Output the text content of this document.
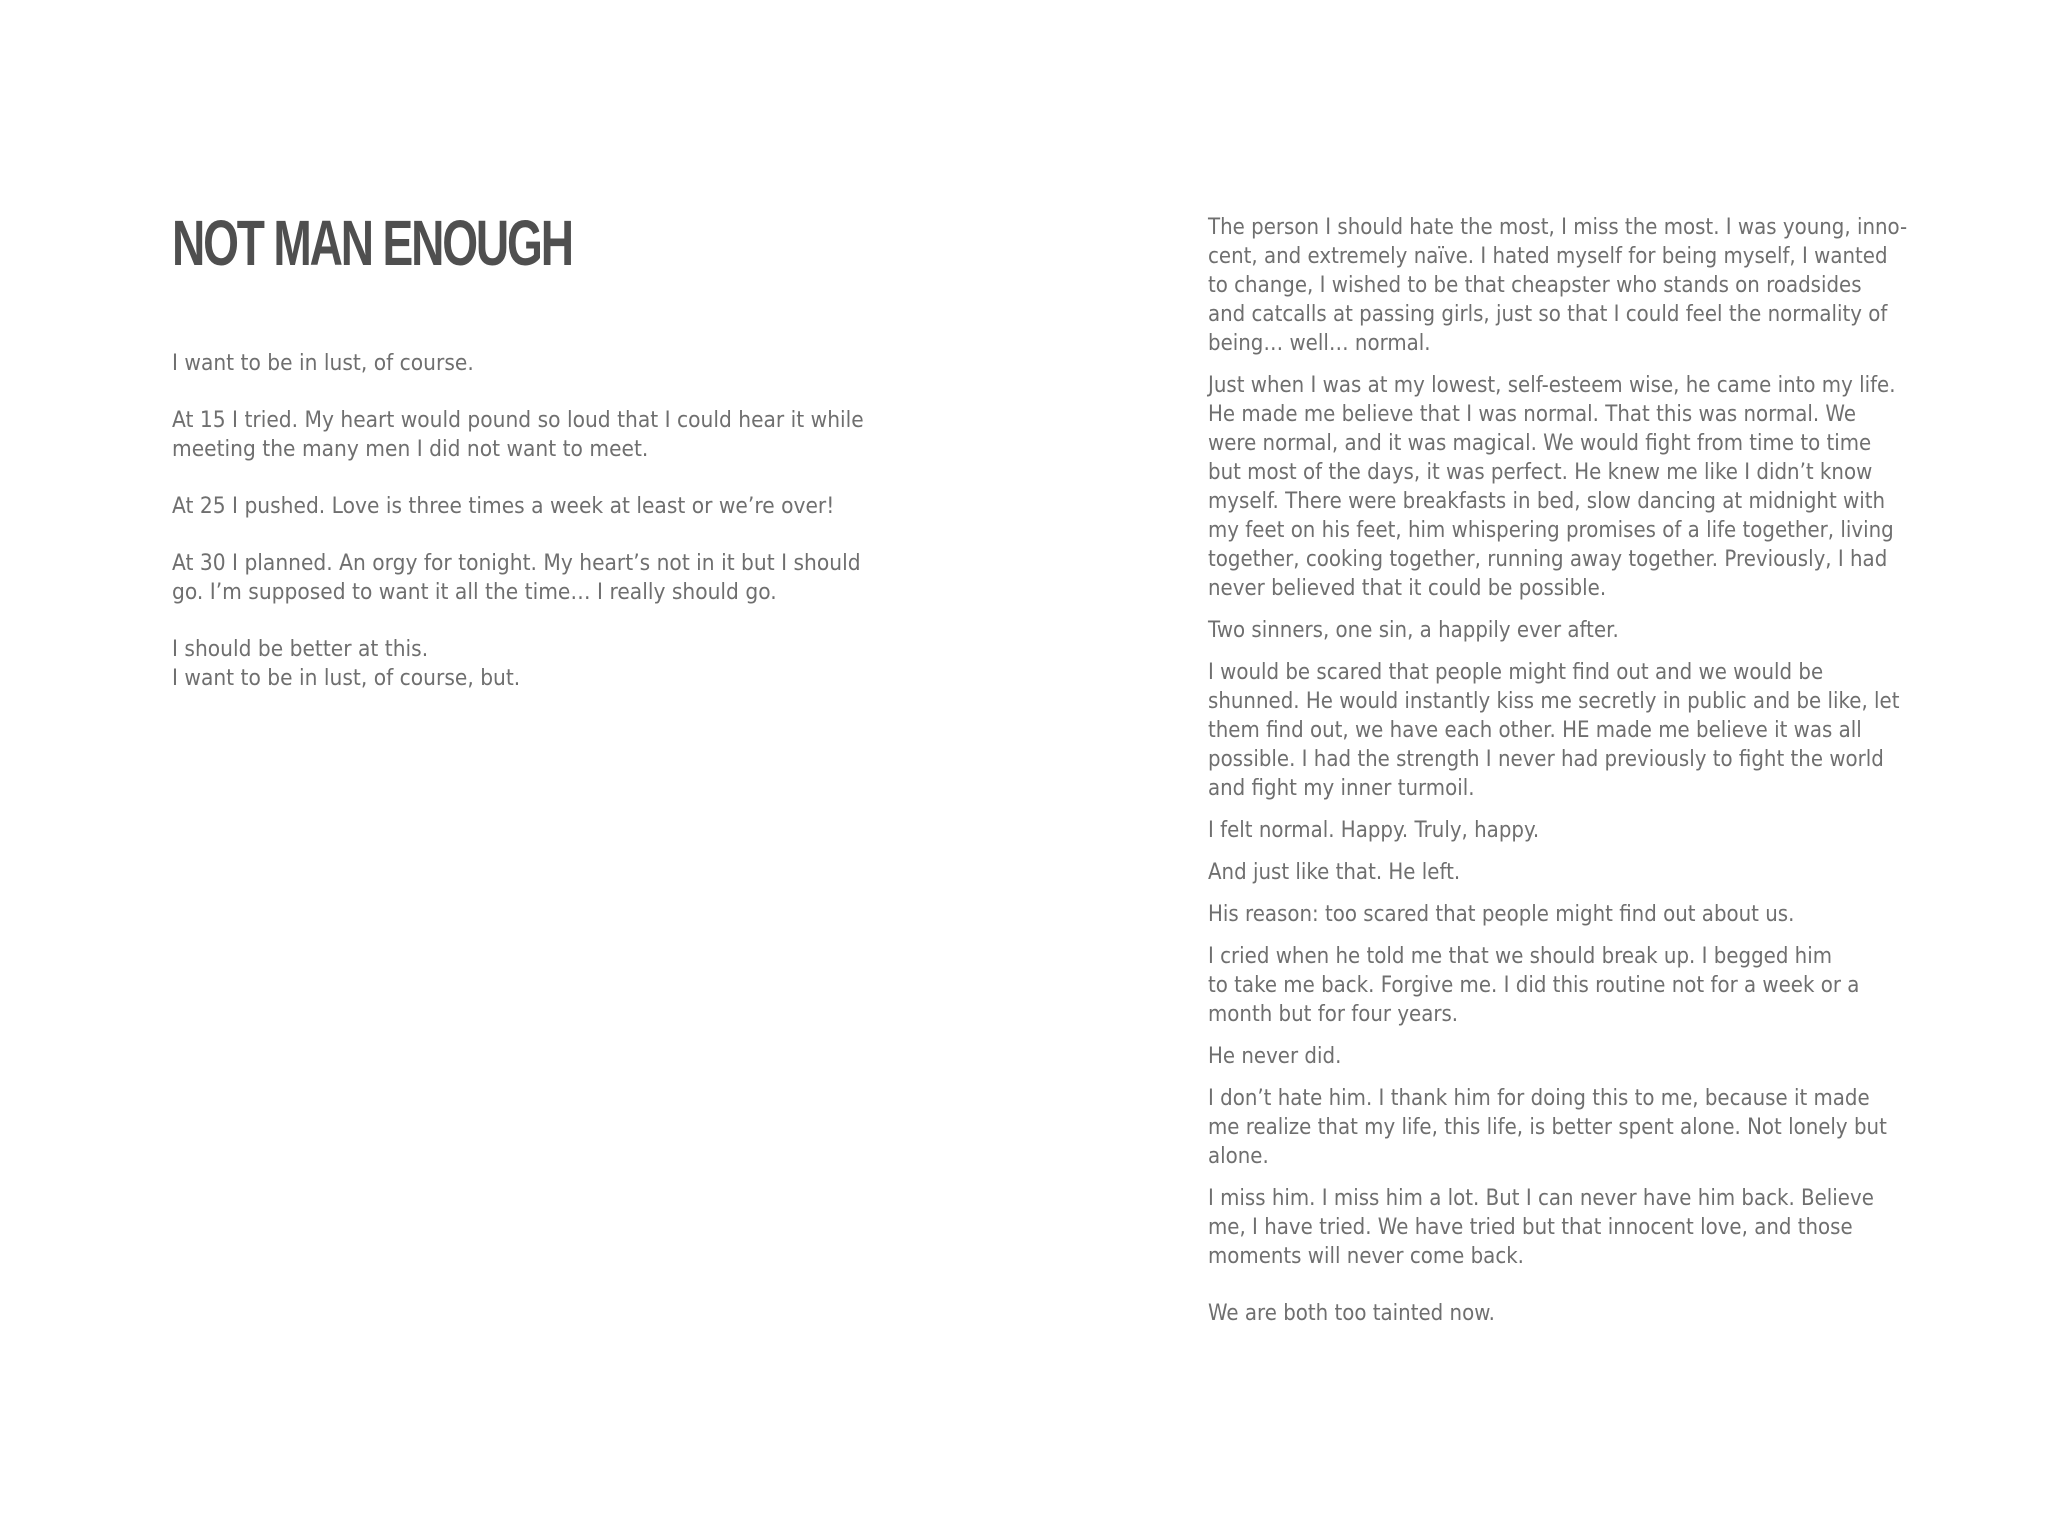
NOT MAN ENOUGH

I want to be in lust, of course.

At 15 I tried. My heart would pound so loud that I could hear it while
meeting the many men I did not want to meet.

At 25 I pushed. Love is three times a week at least or we’re over!

At 30 I planned. An orgy for tonight. My heart’s not in it but I should
go. I’m supposed to want it all the time… I really should go.

I should be better at this.
I want to be in lust, of course, but.

The person I should hate the most, I miss the most. I was young, inno-
cent, and extremely naïve. I hated myself for being myself, I wanted
to change, I wished to be that cheapster who stands on roadsides
and catcalls at passing girls, just so that I could feel the normality of
being… well… normal.

Just when I was at my lowest, self-esteem wise, he came into my life.
He made me believe that I was normal. That this was normal. We
were normal, and it was magical. We would fight from time to time
but most of the days, it was perfect. He knew me like I didn’t know
myself. There were breakfasts in bed, slow dancing at midnight with
my feet on his feet, him whispering promises of a life together, living
together, cooking together, running away together. Previously, I had
never believed that it could be possible.

Two sinners, one sin, a happily ever after.

I would be scared that people might find out and we would be
shunned. He would instantly kiss me secretly in public and be like, let
them find out, we have each other. HE made me believe it was all
possible. I had the strength I never had previously to fight the world
and fight my inner turmoil.

I felt normal. Happy. Truly, happy.

And just like that. He left.

His reason: too scared that people might find out about us.

I cried when he told me that we should break up. I begged him
to take me back. Forgive me. I did this routine not for a week or a
month but for four years.

He never did.

I don’t hate him. I thank him for doing this to me, because it made
me realize that my life, this life, is better spent alone. Not lonely but
alone.

I miss him. I miss him a lot. But I can never have him back. Believe
me, I have tried. We have tried but that innocent love, and those
moments will never come back.

We are both too tainted now.
